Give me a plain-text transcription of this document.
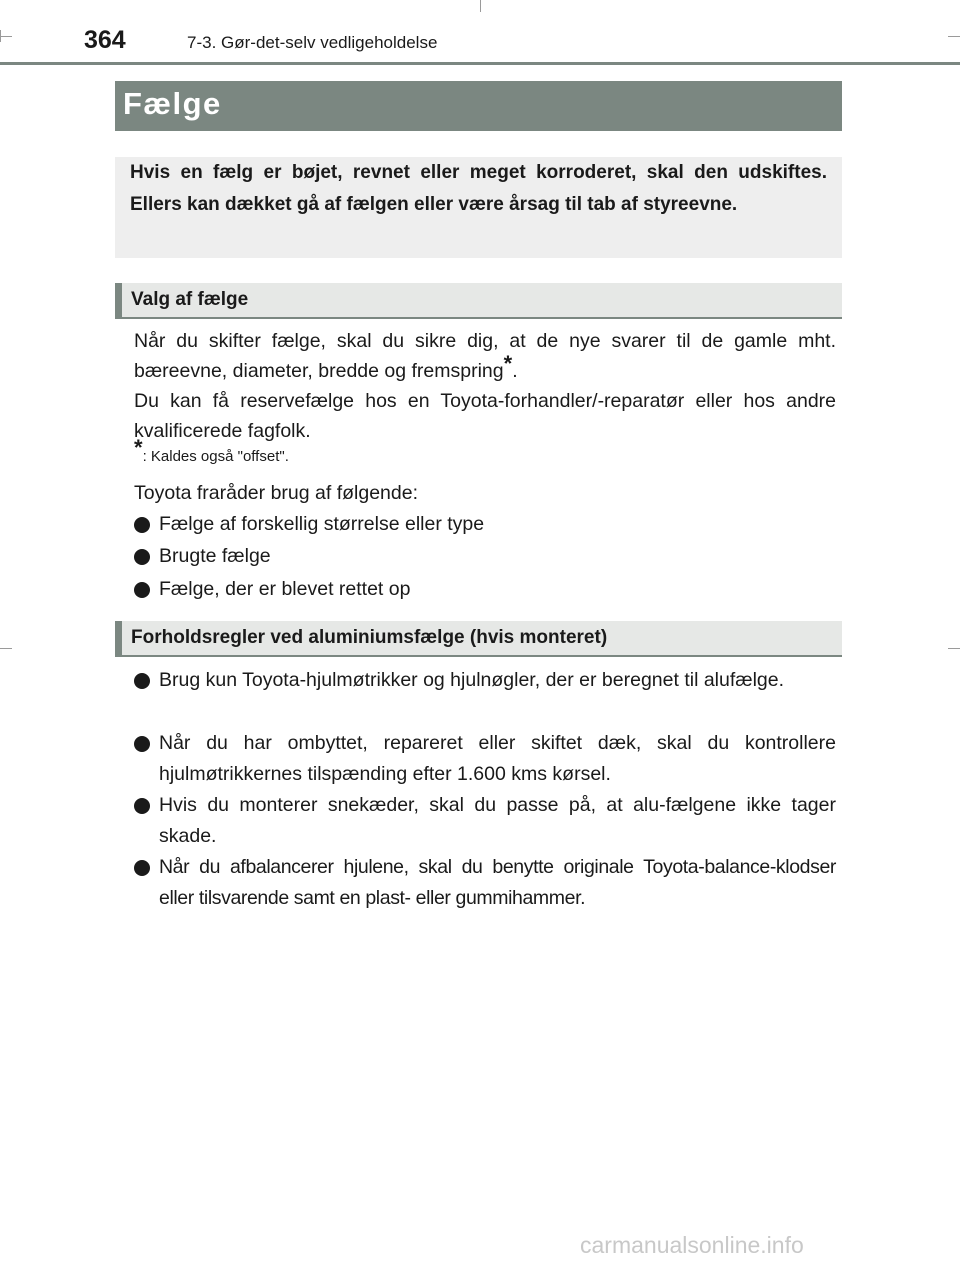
364	7-3. Gør-det-selv vedligeholdelse
Fælge

Hvis en fælg er bøjet, revnet eller meget korroderet, skal den udskiftes. Ellers kan dækket gå af fælgen eller være årsag til tab af styreevne.

Valg af fælge

Når du skifter fælge, skal du sikre dig, at de nye svarer til de gamle mht. bæreevne, diameter, bredde og fremspring*.

Du kan få reservefælge hos en Toyota-forhandler/-reparatør eller hos andre kvalificerede fagfolk.

*: Kaldes også "offset".

Toyota fraråder brug af følgende:
Fælge af forskellig størrelse eller type
Brugte fælge
Fælge, der er blevet rettet op
Forholdsregler ved aluminiumsfælge (hvis monteret)
Brug kun Toyota-hjulmøtrikker og hjulnøgler, der er beregnet til alufælge.
Når du har ombyttet, repareret eller skiftet dæk, skal du kontrollere hjulmøtrikkernes tilspænding efter 1.600 kms kørsel.
Hvis du monterer snekæder, skal du passe på, at alu-fælgene ikke tager skade.
Når du afbalancerer hjulene, skal du benytte originale Toyota-balance-klodser eller tilsvarende samt en plast- eller gummihammer.
carmanualsonline.info
